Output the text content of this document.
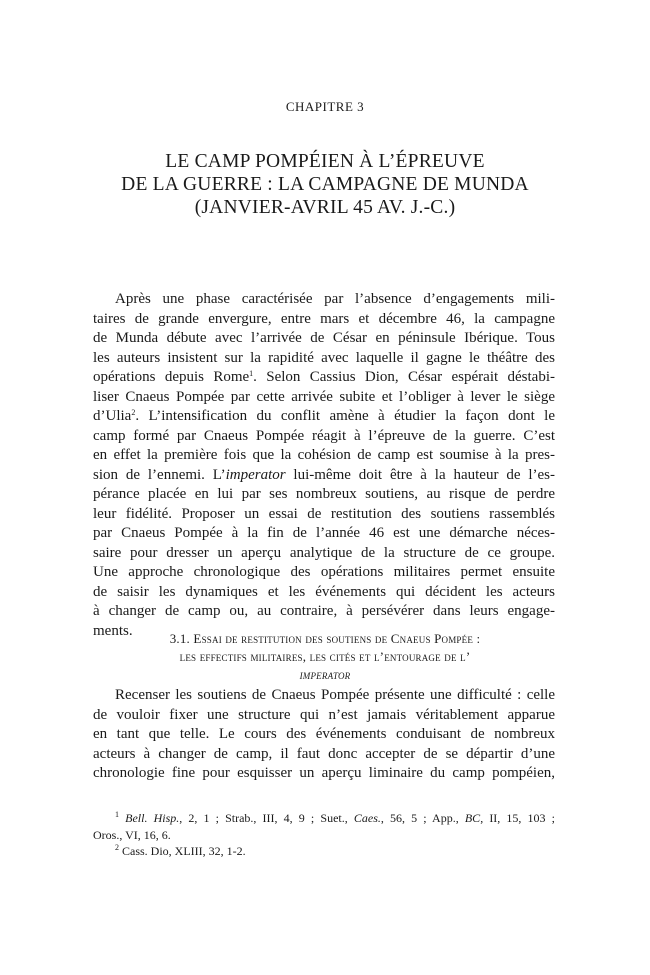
CHAPITRE 3
LE CAMP POMPÉIEN À L’ÉPREUVE
DE LA GUERRE : LA CAMPAGNE DE MUNDA
(JANVIER-AVRIL 45 AV. J.-C.)
Après une phase caractérisée par l’absence d’engagements mili-
taires de grande envergure, entre mars et décembre 46, la campagne
de Munda débute avec l’arrivée de César en péninsule Ibérique. Tous
les auteurs insistent sur la rapidité avec laquelle il gagne le théâtre des
opérations depuis Rome$^1$. Selon Cassius Dion, César espérait déstabi-
liser Cnaeus Pompée par cette arrivée subite et l’obliger à lever le siège
d’Ulia$^2$. L’intensification du conflit amène à étudier la façon dont le
camp formé par Cnaeus Pompée réagit à l’épreuve de la guerre. C’est
en effet la première fois que la cohésion de camp est soumise à la pres-
sion de l’ennemi. L’imperator lui-même doit être à la hauteur de l’es-
pérance placée en lui par ses nombreux soutiens, au risque de perdre
leur fidélité. Proposer un essai de restitution des soutiens rassemblés
par Cnaeus Pompée à la fin de l’année 46 est une démarche néces-
saire pour dresser un aperçu analytique de la structure de ce groupe.
Une approche chronologique des opérations militaires permet ensuite
de saisir les dynamiques et les événements qui décident les acteurs
à changer de camp ou, au contraire, à persévérer dans leurs engage-
ments.	3.1. Essai de restitution des soutiens de Cnaeus Pompée :
les effectifs militaires, les cités et l’entourage de l’
imperator
Recenser les soutiens de Cnaeus Pompée présente une difficulté : celle
de vouloir fixer une structure qui n’est jamais véritablement apparue
en tant que telle. Le cours des événements conduisant de nombreux
acteurs à changer de camp, il faut donc accepter de se départir d’une
chronologie fine pour esquisser un aperçu liminaire du camp pompéien,
$^1$ Bell. Hisp., 2, 1 ; Strab., III, 4, 9 ; Suet., Caes., 56, 5 ; App., BC, II, 15, 103 ;
Oros., VI, 16, 6.
$^2$ Cass. Dio, XLIII, 32, 1-2.
